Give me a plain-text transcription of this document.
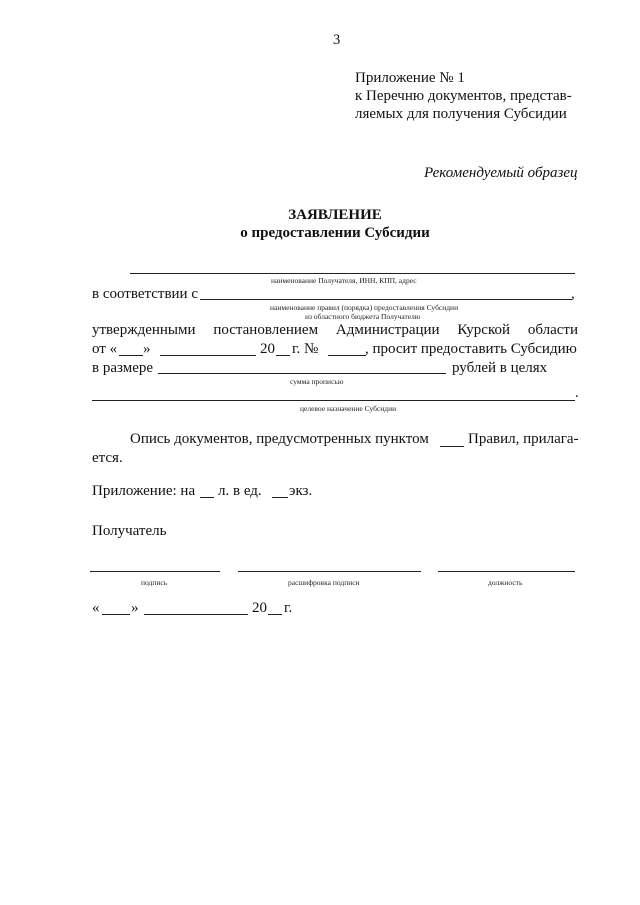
3
Приложение № 1
к Перечню документов, представ-
ляемых для получения Субсидии
Рекомендуемый образец
ЗАЯВЛЕНИЕ
о предоставлении Субсидии
наименование Получателя, ИНН, КПП, адрес
в соответствии с	,
наименование правил (порядка) предоставления Субсидии
из областного бюджета Получателю
утвержденными постановлением Администрации Курской области
от « »	20 г. №	, просит предоставить Субсидию
в размере	рублей в целях
сумма прописью
.
целевое назначение Субсидии
Опись документов, предусмотренных пунктом	Правил, прилага-
ется.
Приложение: на л. в ед. экз.
Получатель
подпись	расшифровка подписи	должность
« »	20 г.
